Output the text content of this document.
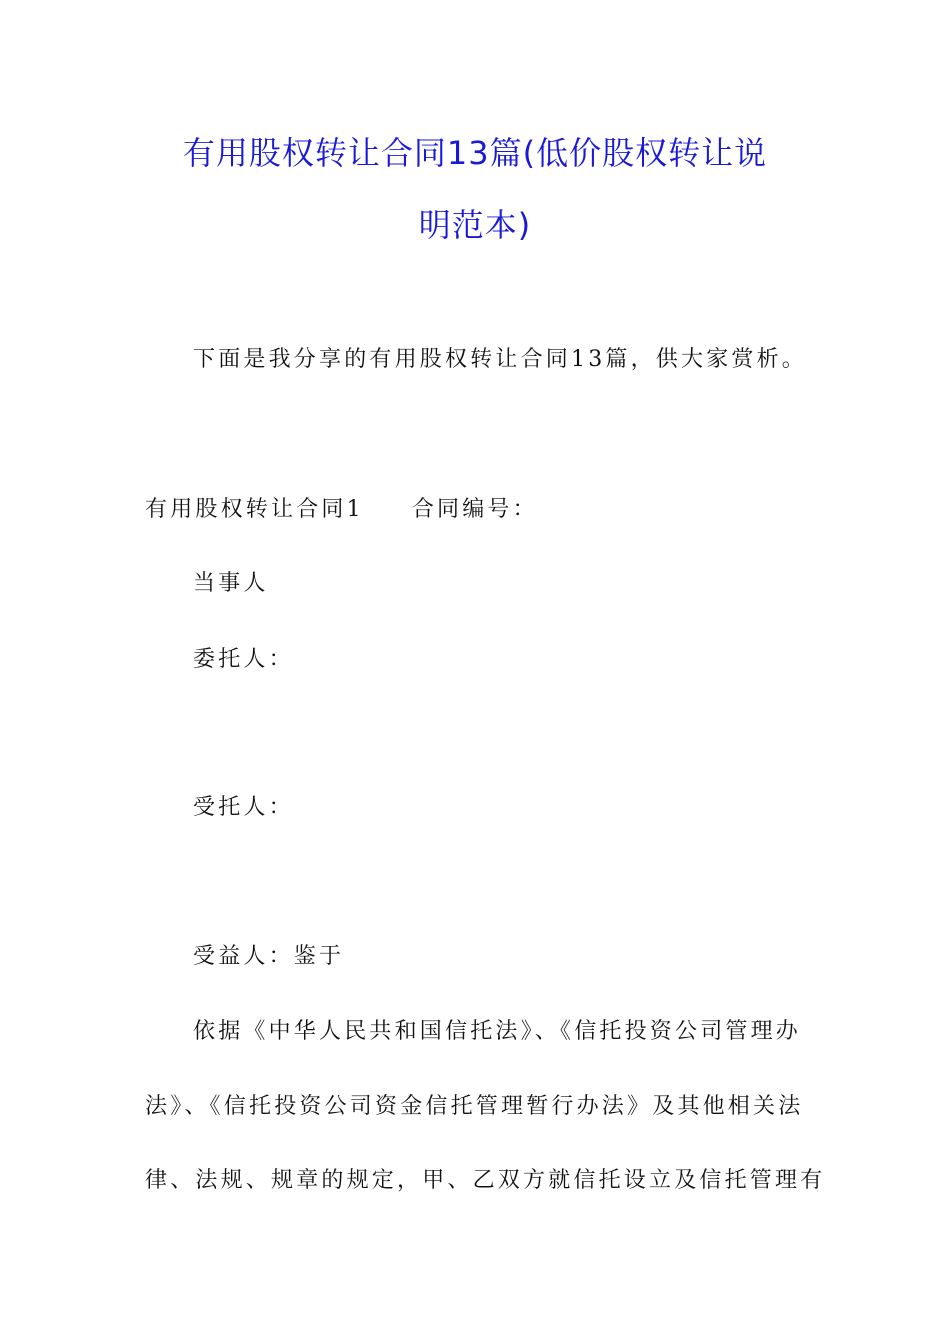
有用股权转让合同13篇(低价股权转让说
明范本)
下面是我分享的有用股权转让合同13篇，供大家赏析。
有用股权转让合同1 合同编号：
当事人
委托人：
受托人：
受益人：鉴于
依据《中华人民共和国信托法》、《信托投资公司管理办
法》、《信托投资公司资金信托管理暂行办法》及其他相关法
律、法规、规章的规定，甲、乙双方就信托设立及信托管理有
